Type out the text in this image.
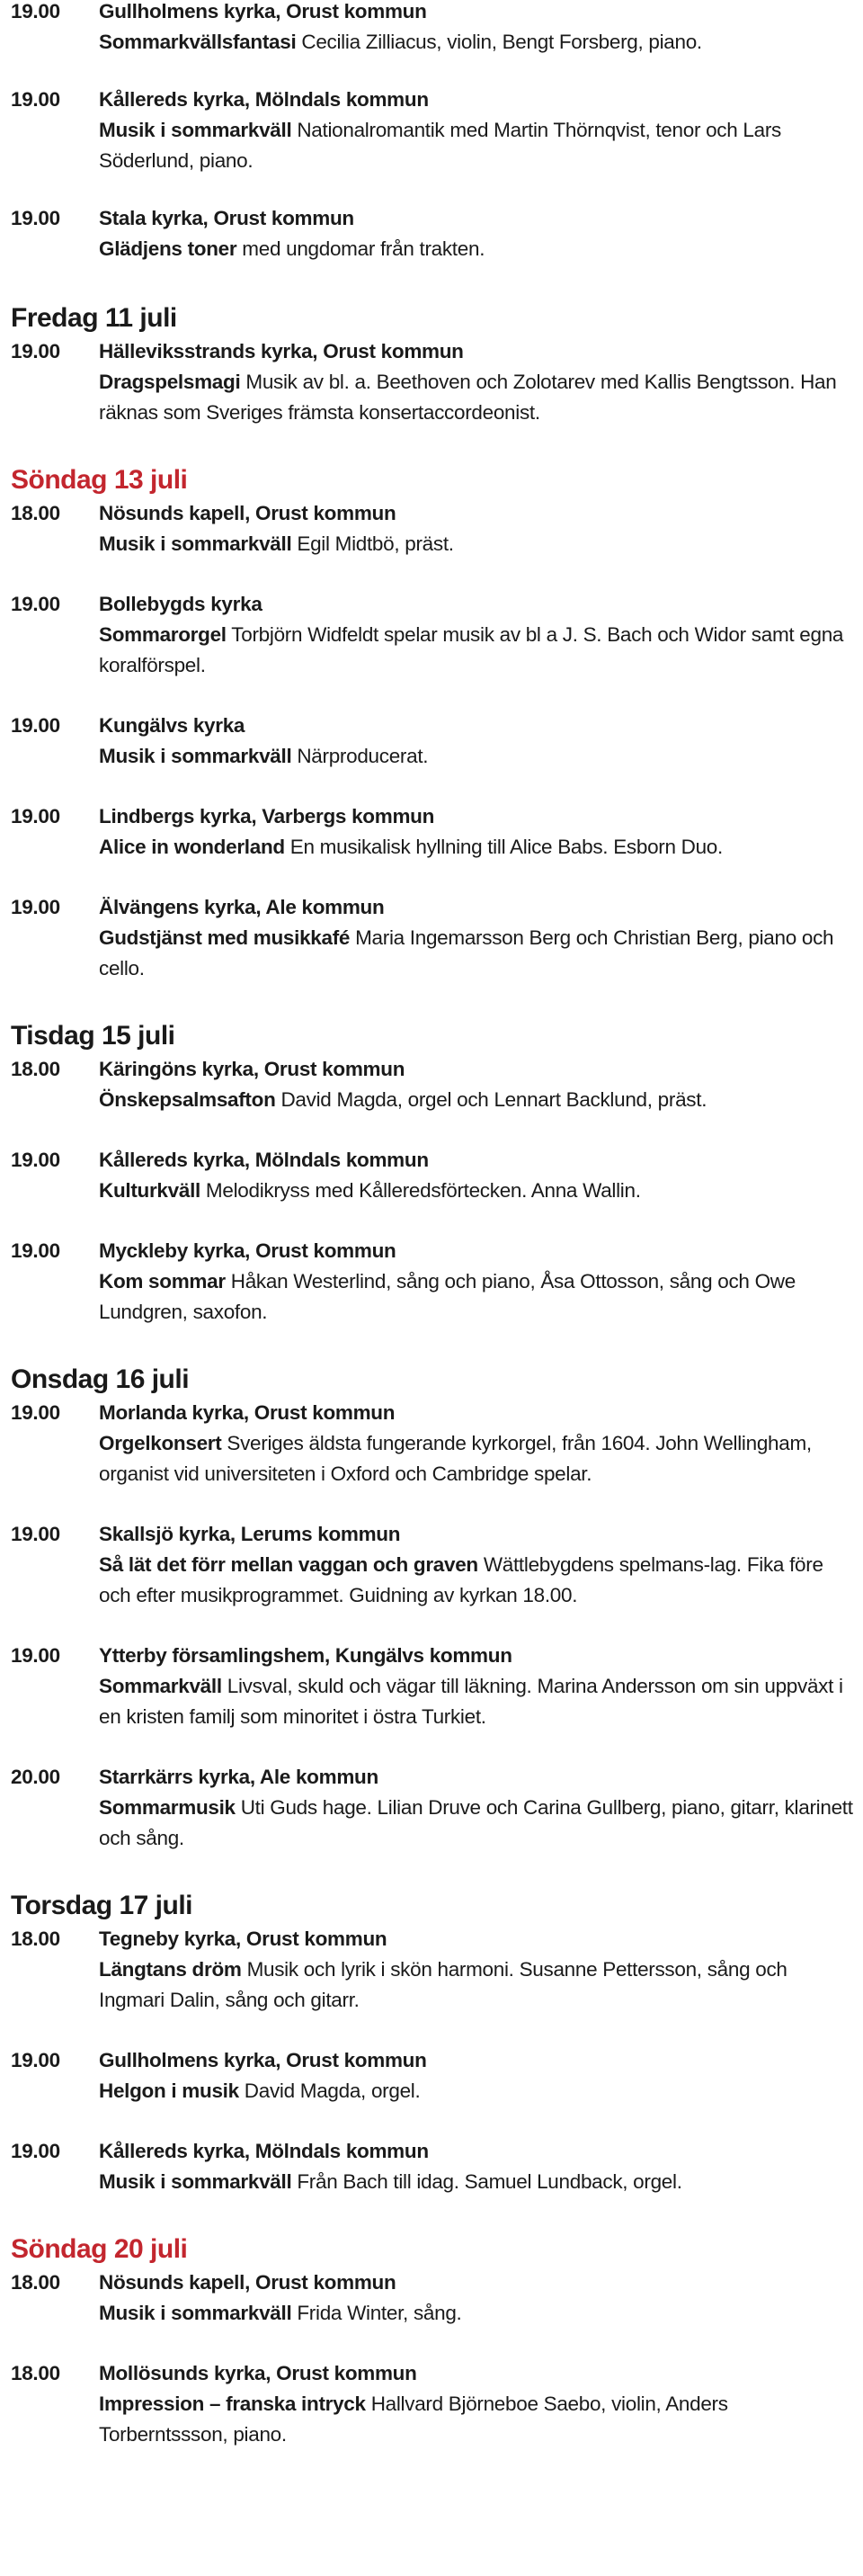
19.00	Gullholmens kyrka, Orust kommun
Sommarkvällsfantasi Cecilia Zilliacus, violin, Bengt Forsberg, piano.
19.00	Kållereds kyrka, Mölndals kommun
Musik i sommarkväll Nationalromantik med Martin Thörnqvist, tenor och Lars Söderlund, piano.
19.00	Stala kyrka, Orust kommun
Glädjens toner med ungdomar från trakten.
Fredag 11 juli
19.00	Hälleviksstrands kyrka, Orust kommun
Dragspelsmagi Musik av bl. a. Beethoven och Zolotarev med Kallis Bengtsson. Han räknas som Sveriges främsta konsertaccordeonist.
Söndag 13 juli
18.00	Nösunds kapell, Orust kommun
Musik i sommarkväll Egil Midtbö, präst.
19.00	Bollebygds kyrka
Sommarorgel Torbjörn Widfeldt spelar musik av bl a J. S. Bach och Widor samt egna koralförspel.
19.00	Kungälvs kyrka
Musik i sommarkväll Närproducerat.
19.00	Lindbergs kyrka, Varbergs kommun
Alice in wonderland En musikalisk hyllning till Alice Babs. Esborn Duo.
19.00	Älvängens kyrka, Ale kommun
Gudstjänst med musikkafé Maria Ingemarsson Berg och Christian Berg, piano och cello.
Tisdag 15 juli
18.00	Käringöns kyrka, Orust kommun
Önskepsalmsafton David Magda, orgel och Lennart Backlund, präst.
19.00	Kållereds kyrka, Mölndals kommun
Kulturkväll Melodikryss med Kålleredsförtecken. Anna Wallin.
19.00	Myckleby kyrka, Orust kommun
Kom sommar Håkan Westerlind, sång och piano, Åsa Ottosson, sång och Owe Lundgren, saxofon.
Onsdag 16 juli
19.00	Morlanda kyrka, Orust kommun
Orgelkonsert Sveriges äldsta fungerande kyrkorgel, från 1604. John Wellingham, organist vid universiteten i Oxford och Cambridge spelar.
19.00	Skallsjö kyrka, Lerums kommun
Så lät det förr mellan vaggan och graven Wättlebygdens spelmans-lag. Fika före och efter musikprogrammet. Guidning av kyrkan 18.00.
19.00	Ytterby församlingshem, Kungälvs kommun
Sommarkväll Livsval, skuld och vägar till läkning. Marina Andersson om sin uppväxt i en kristen familj som minoritet i östra Turkiet.
20.00	Starrkärrs kyrka, Ale kommun
Sommarmusik Uti Guds hage. Lilian Druve och Carina Gullberg, piano, gitarr, klarinett och sång.
Torsdag 17 juli
18.00	Tegneby kyrka, Orust kommun
Längtans dröm Musik och lyrik i skön harmoni. Susanne Pettersson, sång och Ingmari Dalin, sång och gitarr.
19.00	Gullholmens kyrka, Orust kommun
Helgon i musik David Magda, orgel.
19.00	Kållereds kyrka, Mölndals kommun
Musik i sommarkväll Från Bach till idag. Samuel Lundback, orgel.
Söndag 20 juli
18.00	Nösunds kapell, Orust kommun
Musik i sommarkväll Frida Winter, sång.
18.00	Mollösunds kyrka, Orust kommun
Impression – franska intryck Hallvard Björneboe Saebo, violin, Anders Torberntssson, piano.
